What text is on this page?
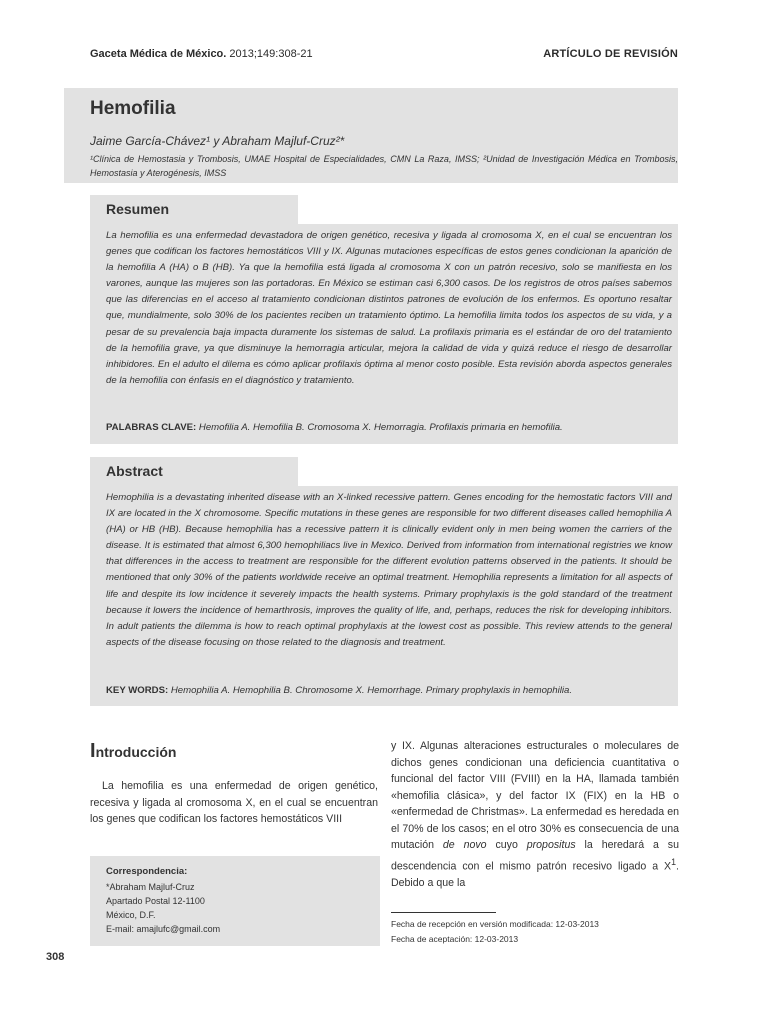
Gaceta Médica de México. 2013;149:308-21	ARTÍCULO DE REVISIÓN
Hemofilia
Jaime García-Chávez¹ y Abraham Majluf-Cruz²*
¹Clínica de Hemostasia y Trombosis, UMAE Hospital de Especialidades, CMN La Raza, IMSS; ²Unidad de Investigación Médica en Trombosis, Hemostasia y Aterogénesis, IMSS
Resumen
La hemofilia es una enfermedad devastadora de origen genético, recesiva y ligada al cromosoma X, en el cual se encuentran los genes que codifican los factores hemostáticos VIII y IX. Algunas mutaciones específicas de estos genes condicionan la aparición de la hemofilia A (HA) o B (HB). Ya que la hemofilia está ligada al cromosoma X con un patrón recesivo, solo se manifiesta en los varones, aunque las mujeres son las portadoras. En México se estiman casi 6,300 casos. De los registros de otros países sabemos que las diferencias en el acceso al tratamiento condicionan distintos patrones de evolución de los enfermos. Es oportuno resaltar que, mundialmente, solo 30% de los pacientes reciben un tratamiento óptimo. La hemofilia limita todos los aspectos de su vida, y a pesar de su prevalencia baja impacta duramente los sistemas de salud. La profilaxis primaria es el estándar de oro del tratamiento de la hemofilia grave, ya que disminuye la hemorragia articular, mejora la calidad de vida y quizá reduce el riesgo de desarrollar inhibidores. En el adulto el dilema es cómo aplicar profilaxis óptima al menor costo posible. Esta revisión aborda aspectos generales de la hemofilia con énfasis en el diagnóstico y tratamiento.
PALABRAS CLAVE: Hemofilia A. Hemofilia B. Cromosoma X. Hemorragia. Profilaxis primaria en hemofilia.
Abstract
Hemophilia is a devastating inherited disease with an X-linked recessive pattern. Genes encoding for the hemostatic factors VIII and IX are located in the X chromosome. Specific mutations in these genes are responsible for two different diseases called hemophilia A (HA) or HB (HB). Because hemophilia has a recessive pattern it is clinically evident only in men being women the carriers of the disease. It is estimated that almost 6,300 hemophiliacs live in Mexico. Derived from information from international registries we know that differences in the access to treatment are responsible for the different evolution patterns observed in the patients. It should be mentioned that only 30% of the patients worldwide receive an optimal treatment. Hemophilia represents a limitation for all aspects of life and despite its low incidence it severely impacts the health systems. Primary prophylaxis is the gold standard of the treatment because it lowers the incidence of hemarthrosis, improves the quality of life, and, perhaps, reduces the risk for developing inhibitors. In adult patients the dilemma is how to reach optimal prophylaxis at the lowest cost as possible. This review attends to the general aspects of the disease focusing on those related to the diagnosis and treatment.
KEY WORDS: Hemophilia A. Hemophilia B. Chromosome X. Hemorrhage. Primary prophylaxis in hemophilia.
Introducción
La hemofilia es una enfermedad de origen genético, recesiva y ligada al cromosoma X, en el cual se encuentran los genes que codifican los factores hemostáticos VIII
Correspondencia:
*Abraham Majluf-Cruz
Apartado Postal 12-1100
México, D.F.
E-mail: amajlufc@gmail.com
y IX. Algunas alteraciones estructurales o moleculares de dichos genes condicionan una deficiencia cuantitativa o funcional del factor VIII (FVIII) en la HA, llamada también «hemofilia clásica», y del factor IX (FIX) en la HB o «enfermedad de Christmas». La enfermedad es heredada en el 70% de los casos; en el otro 30% es consecuencia de una mutación de novo cuyo propositus la heredará a su descendencia con el mismo patrón recesivo ligado a $X^1$. Debido a que la
Fecha de recepción en versión modificada: 12-03-2013
Fecha de aceptación: 12-03-2013
308
